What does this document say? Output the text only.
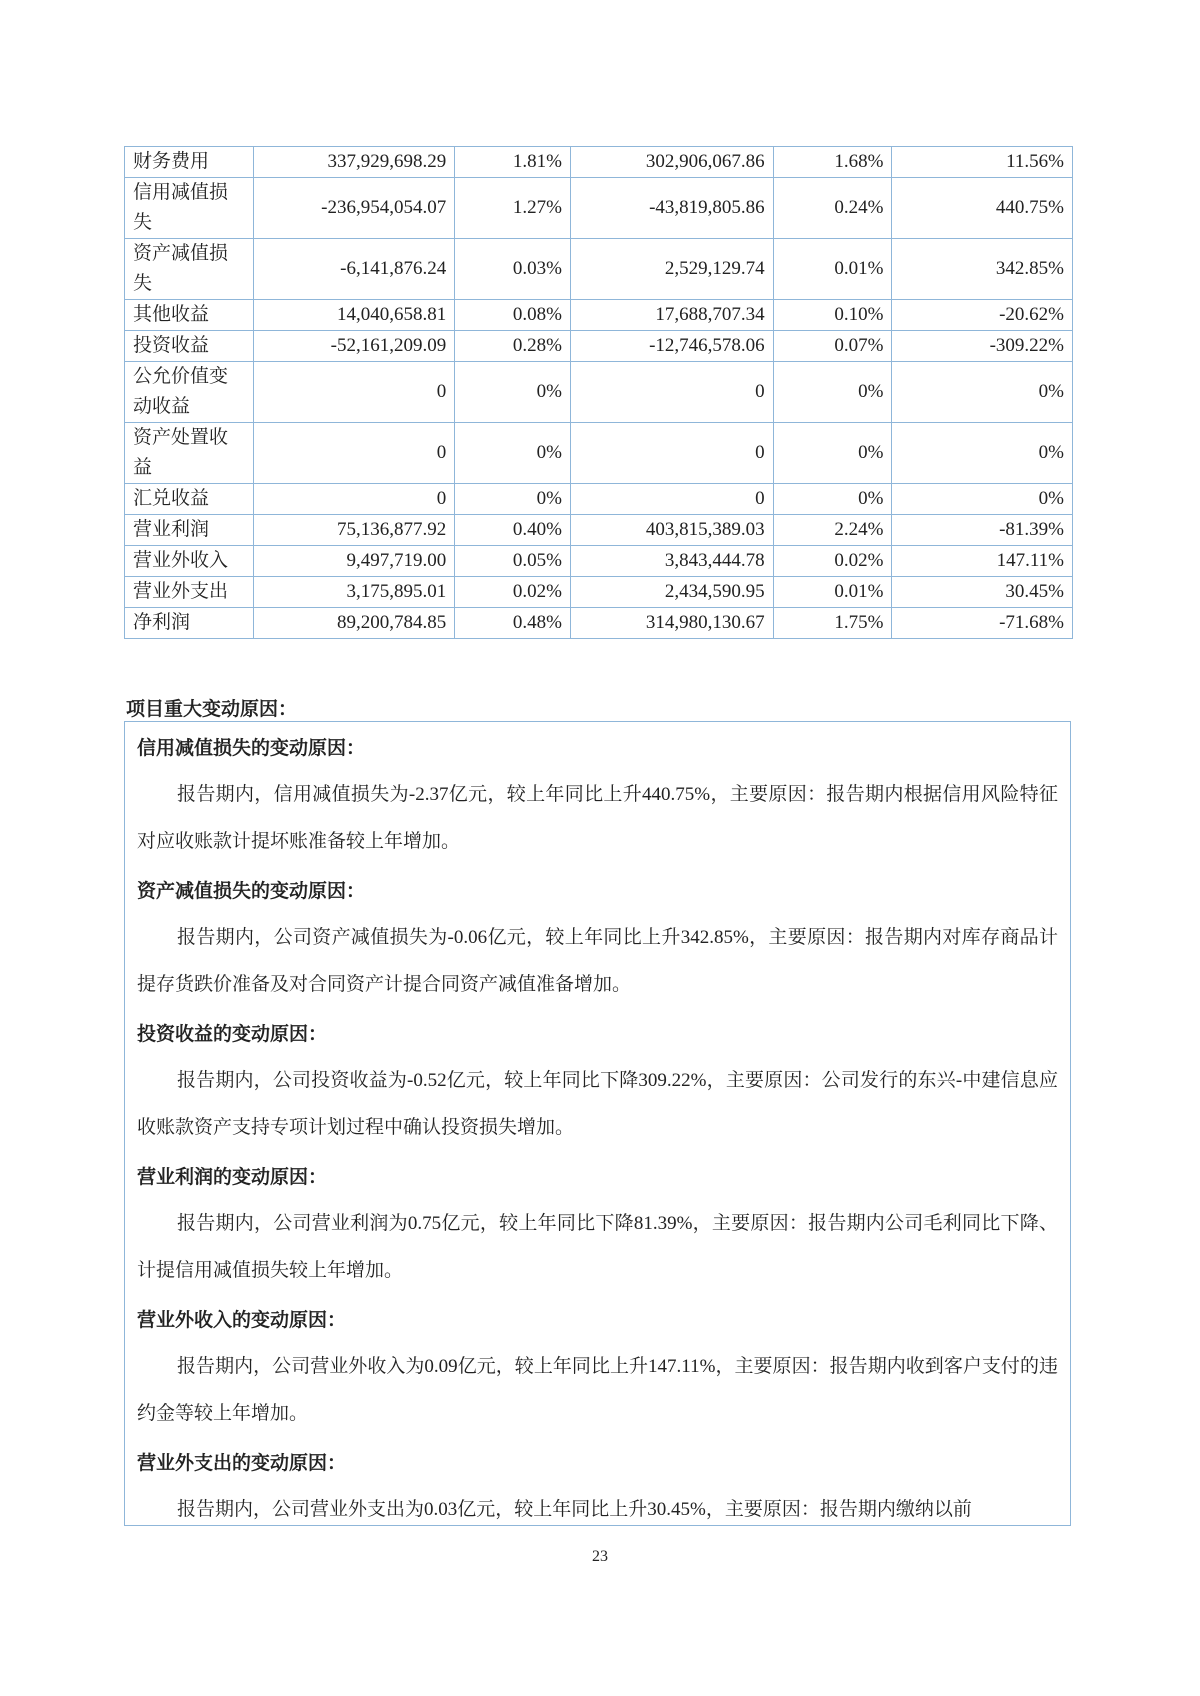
财务费用	337,929,698.29	1.81%	302,906,067.86	1.68%	11.56%
信用减值损失	-236,954,054.07	1.27%	-43,819,805.86	0.24%	440.75%
资产减值损失	-6,141,876.24	0.03%	2,529,129.74	0.01%	342.85%
其他收益	14,040,658.81	0.08%	17,688,707.34	0.10%	-20.62%
投资收益	-52,161,209.09	0.28%	-12,746,578.06	0.07%	-309.22%
公允价值变动收益	0	0%	0	0%	0%
资产处置收益	0	0%	0	0%	0%
汇兑收益	0	0%	0	0%	0%
营业利润	75,136,877.92	0.40%	403,815,389.03	2.24%	-81.39%
营业外收入	9,497,719.00	0.05%	3,843,444.78	0.02%	147.11%
营业外支出	3,175,895.01	0.02%	2,434,590.95	0.01%	30.45%
净利润	89,200,784.85	0.48%	314,980,130.67	1.75%	-71.68%
项目重大变动原因：
信用减值损失的变动原因：

报告期内，信用减值损失为-2.37亿元，较上年同比上升440.75%，主要原因：报告期内根据信用风险特征对应收账款计提坏账准备较上年增加。

资产减值损失的变动原因：

报告期内，公司资产减值损失为-0.06亿元，较上年同比上升342.85%，主要原因：报告期内对库存商品计提存货跌价准备及对合同资产计提合同资产减值准备增加。

投资收益的变动原因：

报告期内，公司投资收益为-0.52亿元，较上年同比下降309.22%，主要原因：公司发行的东兴-中建信息应收账款资产支持专项计划过程中确认投资损失增加。

营业利润的变动原因：

报告期内，公司营业利润为0.75亿元，较上年同比下降81.39%，主要原因：报告期内公司毛利同比下降、计提信用减值损失较上年增加。

营业外收入的变动原因：

报告期内，公司营业外收入为0.09亿元，较上年同比上升147.11%，主要原因：报告期内收到客户支付的违约金等较上年增加。

营业外支出的变动原因：

报告期内，公司营业外支出为0.03亿元，较上年同比上升30.45%，主要原因：报告期内缴纳以前

23
